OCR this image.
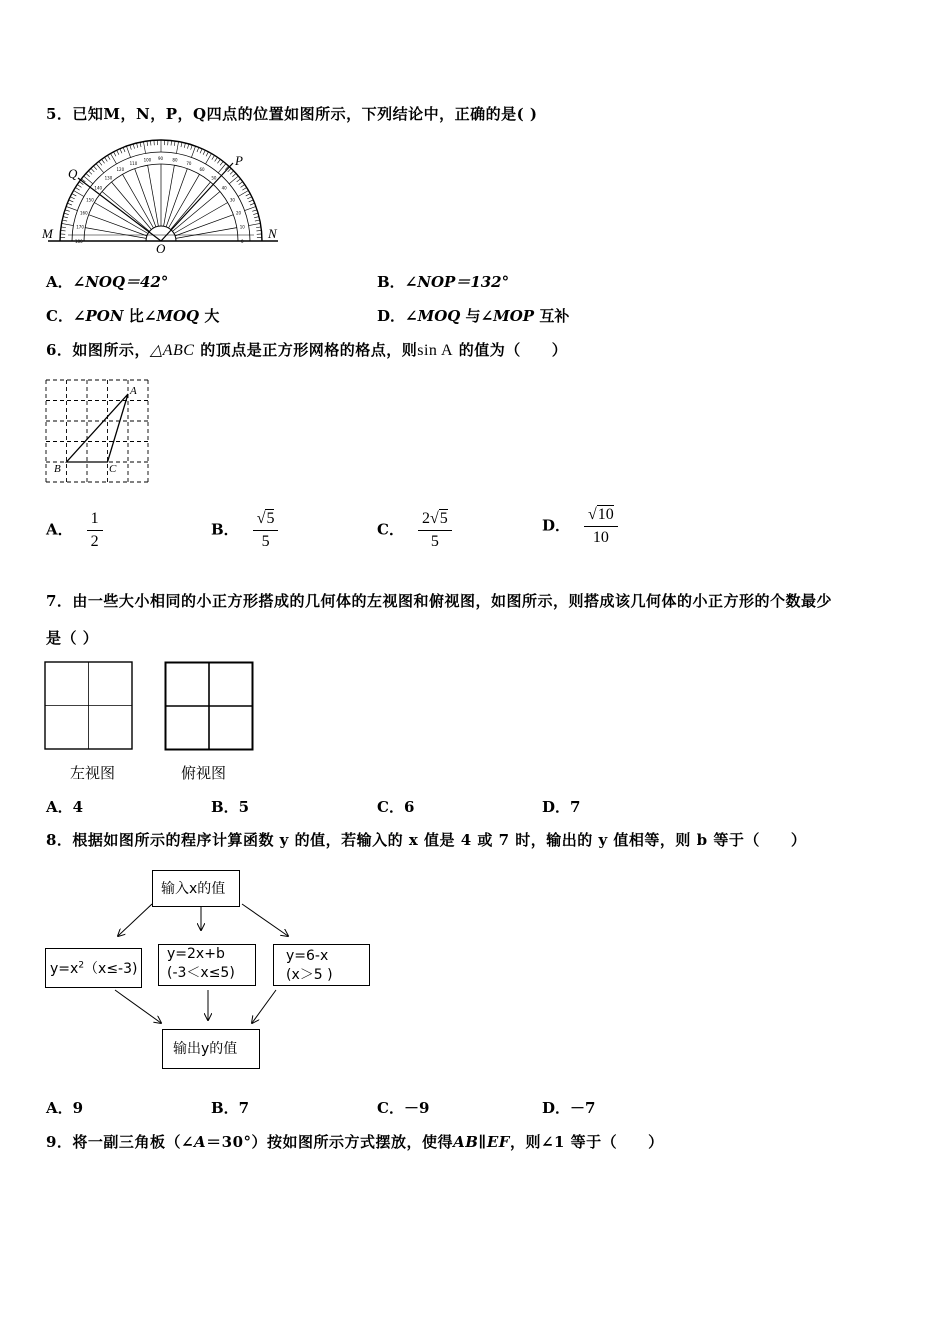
5．已知M，N，P，Q四点的位置如图所示，下列结论中，正确的是( )
M	N
O
P
Q
0
10
20
30
40
50
60
70
80
90
100
110
120
130
140
150
160
170
180
A．∠NOQ＝42°	B．∠NOP＝132°
C．∠PON 比∠MOQ 大	D．∠MOQ 与∠MOP 互补
6．如图所示，△ABC 的顶点是正方形网格的格点，则sin A 的值为（　　）
A
B	C
A． $\frac{1}{2}$	B． $\frac{√5}{5}$	C． $\frac{2√5}{5}$	D． $\frac{√10}{10}$
7．由一些大小相同的小正方形搭成的几何体的左视图和俯视图，如图所示，则搭成该几何体的小正方形的个数最少
是（ ）
左视图	俯视图
A．4	B．5	C．6	D．7
8．根据如图所示的程序计算函数 y 的值，若输入的 x 值是 4 或 7 时，输出的 y 值相等，则 b 等于（　　）
输入x的值
$y=x^2(x\le-3)$
y=2x+b
(-3＜x≤5)
y=6-x
(x＞5 )
输出y的值
A．9	B．7	C．－9	D．－7
9．将一副三角板（∠A＝30°）按如图所示方式摆放，使得AB∥EF，则∠1 等于（　　）
